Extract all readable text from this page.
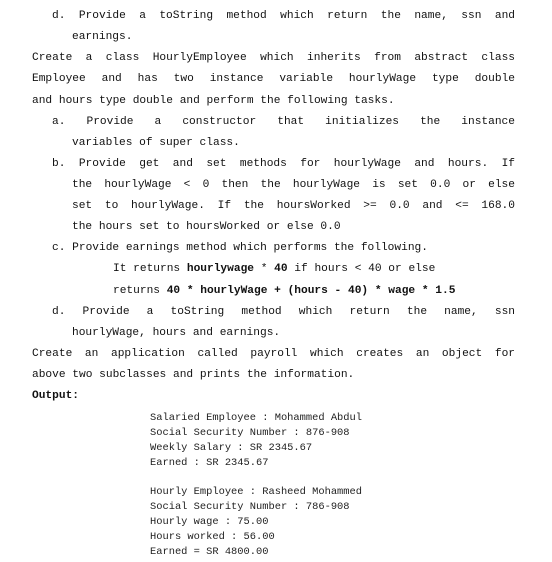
d. Provide a toString method which return the name, ssn and
earnings.
Create a class HourlyEmployee which inherits from abstract class
Employee and has two instance variable hourlyWage type double
and hours type double and perform the following tasks.
a. Provide a constructor that initializes the instance
variables of super class.
b. Provide get and set methods for hourlyWage and hours. If
the hourlyWage < 0 then the hourlyWage is set 0.0 or else
set to hourlyWage. If the hoursWorked >= 0.0 and <= 168.0
the hours set to hoursWorked or else 0.0
c. Provide earnings method which performs the following.
It returns hourlywage * 40 if hours < 40 or else
returns 40 * hourlyWage + (hours - 40) * wage * 1.5
d. Provide a toString method which return the name, ssn
hourlyWage, hours and earnings.
Create an application called payroll which creates an object for
above two subclasses and prints the information.
Output:
Salaried Employee : Mohammed Abdul
Social Security Number : 876-908
Weekly Salary : SR 2345.67
Earned : SR 2345.67
Hourly Employee : Rasheed Mohammed
Social Security Number : 786-908
Hourly wage : 75.00
Hours worked : 56.00
Earned = SR 4800.00
